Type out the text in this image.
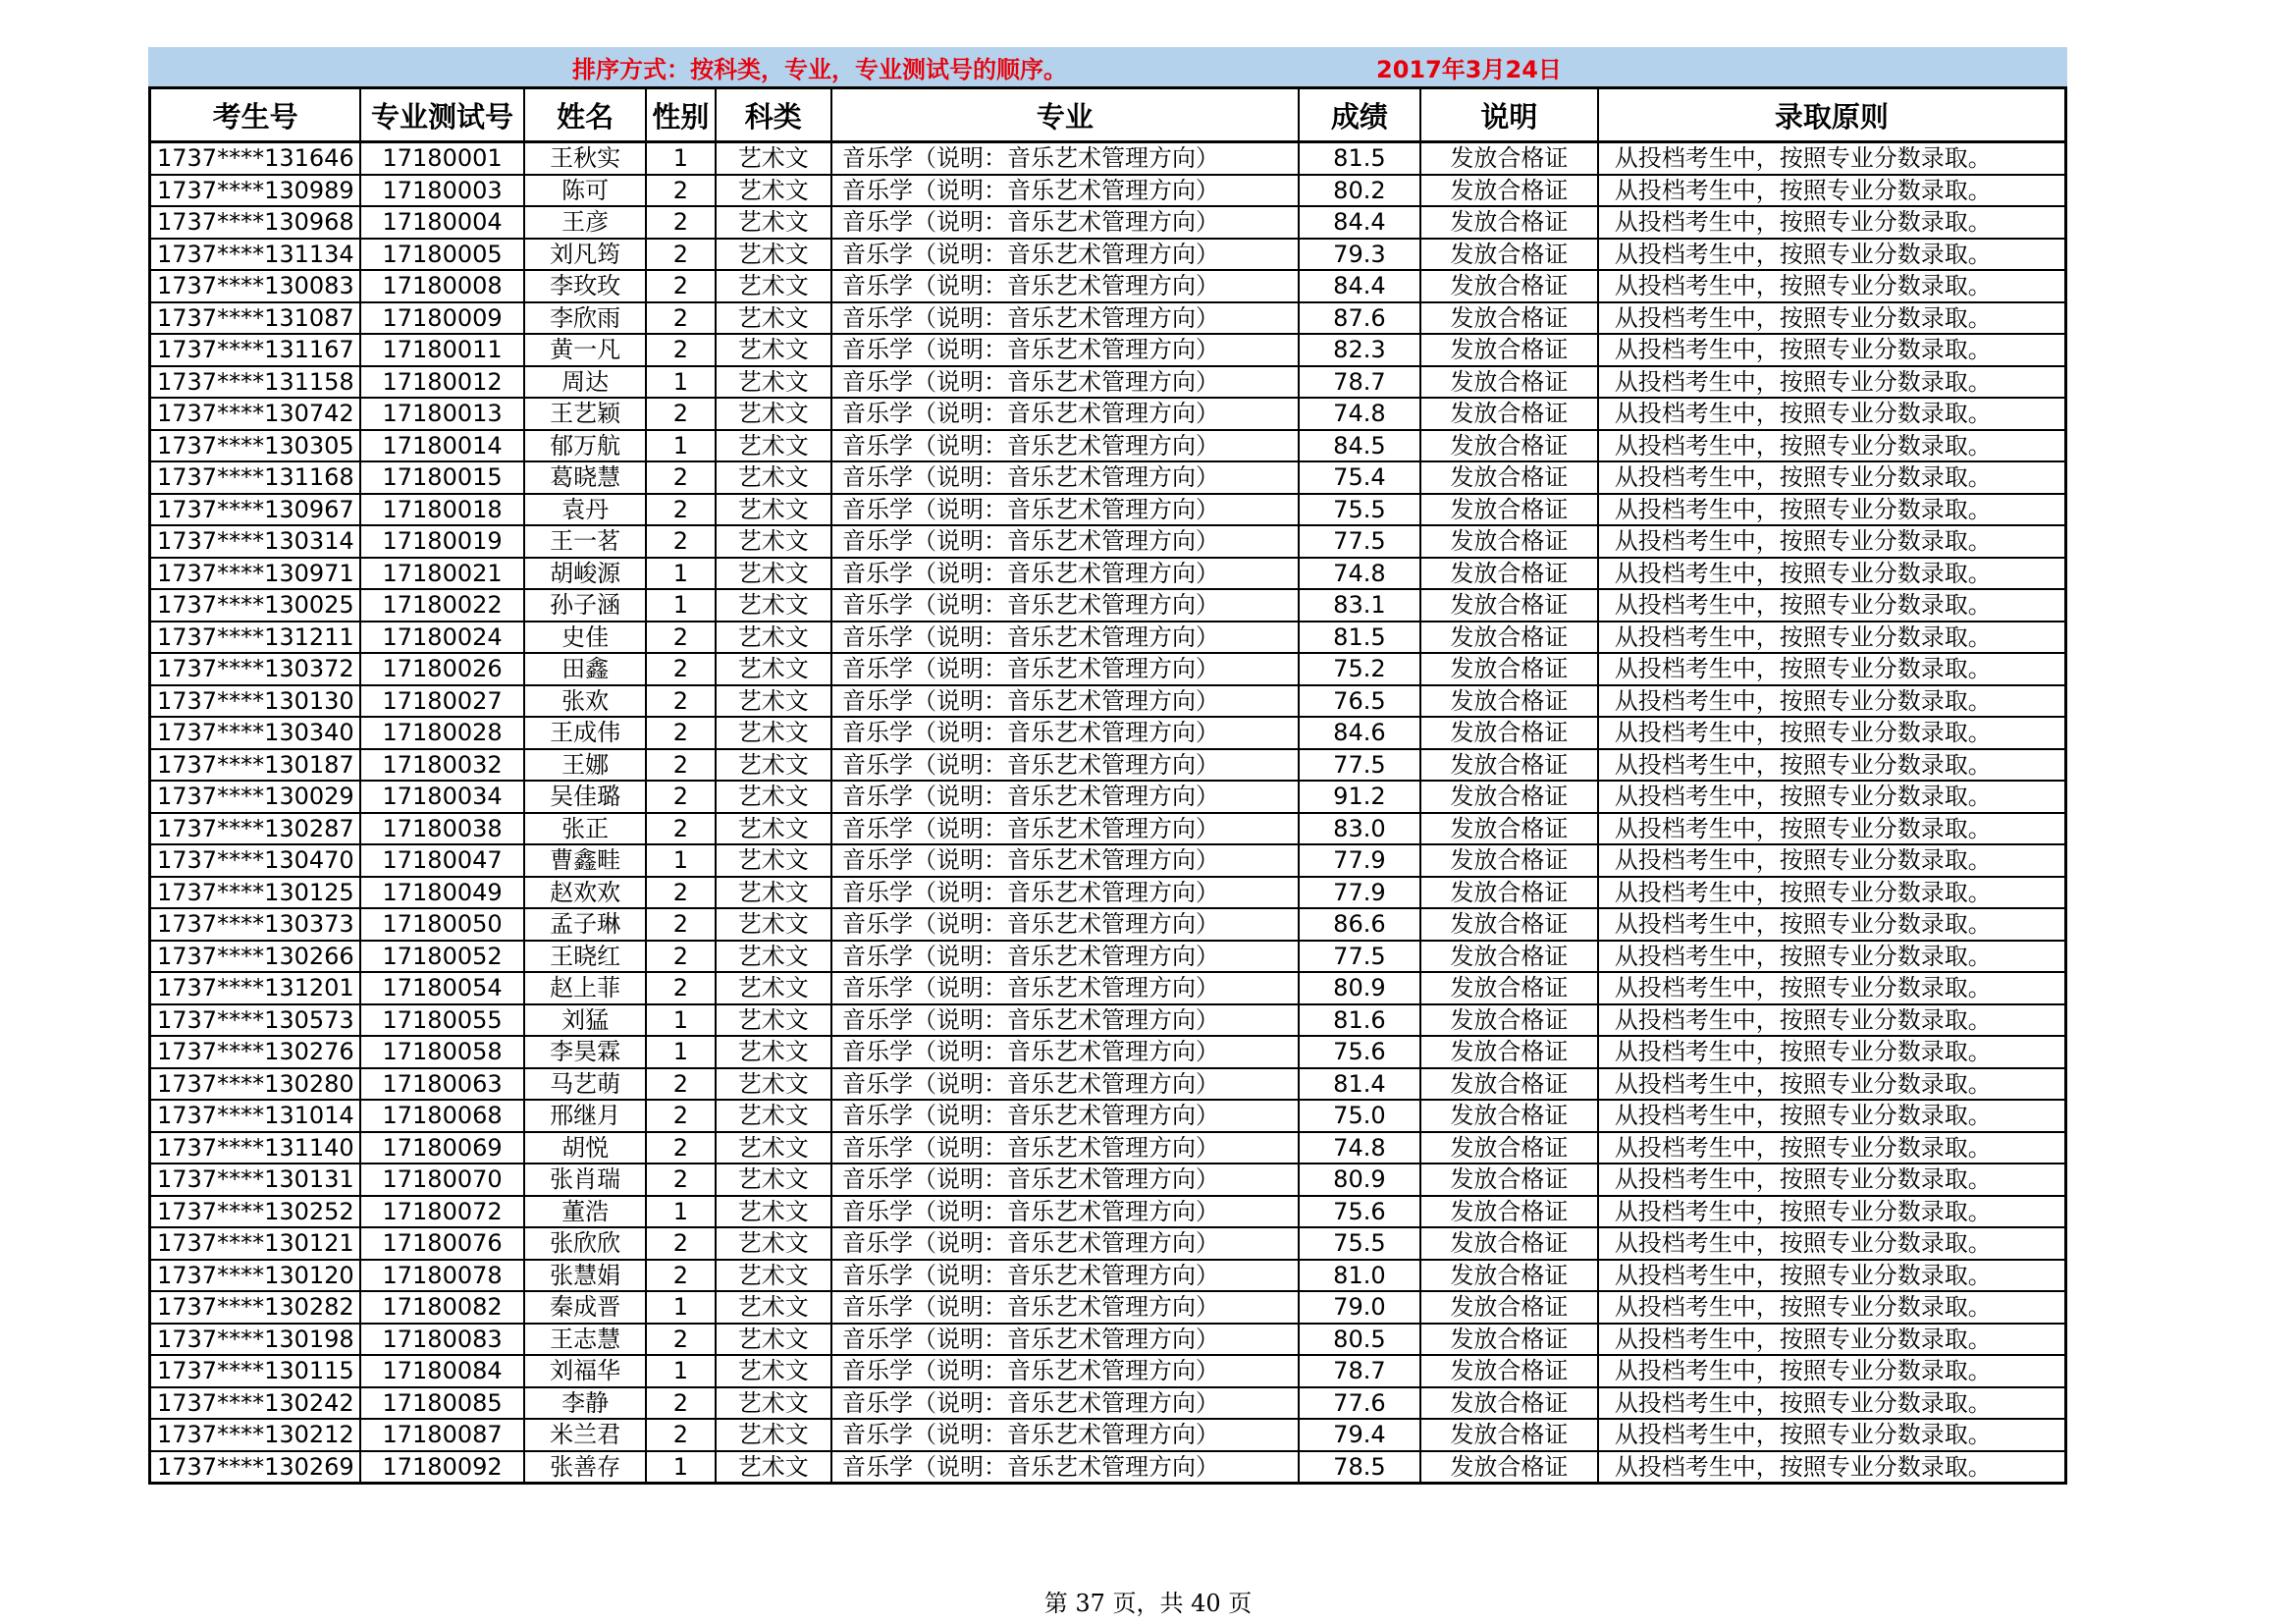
排序方式：按科类，专业，专业测试号的顺序。	2017年3月24日
考生号	专业测试号	姓名	性别	科类	专业	成绩	说明	录取原则
1737****131646	17180001	王秋实	1	艺术文	音乐学（说明：音乐艺术管理方向）	81.5	发放合格证	从投档考生中，按照专业分数录取。
1737****130989	17180003	陈可	2	艺术文	音乐学（说明：音乐艺术管理方向）	80.2	发放合格证	从投档考生中，按照专业分数录取。
1737****130968	17180004	王彦	2	艺术文	音乐学（说明：音乐艺术管理方向）	84.4	发放合格证	从投档考生中，按照专业分数录取。
1737****131134	17180005	刘凡筠	2	艺术文	音乐学（说明：音乐艺术管理方向）	79.3	发放合格证	从投档考生中，按照专业分数录取。
1737****130083	17180008	李玫玫	2	艺术文	音乐学（说明：音乐艺术管理方向）	84.4	发放合格证	从投档考生中，按照专业分数录取。
1737****131087	17180009	李欣雨	2	艺术文	音乐学（说明：音乐艺术管理方向）	87.6	发放合格证	从投档考生中，按照专业分数录取。
1737****131167	17180011	黄一凡	2	艺术文	音乐学（说明：音乐艺术管理方向）	82.3	发放合格证	从投档考生中，按照专业分数录取。
1737****131158	17180012	周达	1	艺术文	音乐学（说明：音乐艺术管理方向）	78.7	发放合格证	从投档考生中，按照专业分数录取。
1737****130742	17180013	王艺颖	2	艺术文	音乐学（说明：音乐艺术管理方向）	74.8	发放合格证	从投档考生中，按照专业分数录取。
1737****130305	17180014	郁万航	1	艺术文	音乐学（说明：音乐艺术管理方向）	84.5	发放合格证	从投档考生中，按照专业分数录取。
1737****131168	17180015	葛晓慧	2	艺术文	音乐学（说明：音乐艺术管理方向）	75.4	发放合格证	从投档考生中，按照专业分数录取。
1737****130967	17180018	袁丹	2	艺术文	音乐学（说明：音乐艺术管理方向）	75.5	发放合格证	从投档考生中，按照专业分数录取。
1737****130314	17180019	王一茗	2	艺术文	音乐学（说明：音乐艺术管理方向）	77.5	发放合格证	从投档考生中，按照专业分数录取。
1737****130971	17180021	胡峻源	1	艺术文	音乐学（说明：音乐艺术管理方向）	74.8	发放合格证	从投档考生中，按照专业分数录取。
1737****130025	17180022	孙子涵	1	艺术文	音乐学（说明：音乐艺术管理方向）	83.1	发放合格证	从投档考生中，按照专业分数录取。
1737****131211	17180024	史佳	2	艺术文	音乐学（说明：音乐艺术管理方向）	81.5	发放合格证	从投档考生中，按照专业分数录取。
1737****130372	17180026	田鑫	2	艺术文	音乐学（说明：音乐艺术管理方向）	75.2	发放合格证	从投档考生中，按照专业分数录取。
1737****130130	17180027	张欢	2	艺术文	音乐学（说明：音乐艺术管理方向）	76.5	发放合格证	从投档考生中，按照专业分数录取。
1737****130340	17180028	王成伟	2	艺术文	音乐学（说明：音乐艺术管理方向）	84.6	发放合格证	从投档考生中，按照专业分数录取。
1737****130187	17180032	王娜	2	艺术文	音乐学（说明：音乐艺术管理方向）	77.5	发放合格证	从投档考生中，按照专业分数录取。
1737****130029	17180034	吴佳璐	2	艺术文	音乐学（说明：音乐艺术管理方向）	91.2	发放合格证	从投档考生中，按照专业分数录取。
1737****130287	17180038	张正	2	艺术文	音乐学（说明：音乐艺术管理方向）	83.0	发放合格证	从投档考生中，按照专业分数录取。
1737****130470	17180047	曹鑫畦	1	艺术文	音乐学（说明：音乐艺术管理方向）	77.9	发放合格证	从投档考生中，按照专业分数录取。
1737****130125	17180049	赵欢欢	2	艺术文	音乐学（说明：音乐艺术管理方向）	77.9	发放合格证	从投档考生中，按照专业分数录取。
1737****130373	17180050	孟子琳	2	艺术文	音乐学（说明：音乐艺术管理方向）	86.6	发放合格证	从投档考生中，按照专业分数录取。
1737****130266	17180052	王晓红	2	艺术文	音乐学（说明：音乐艺术管理方向）	77.5	发放合格证	从投档考生中，按照专业分数录取。
1737****131201	17180054	赵上菲	2	艺术文	音乐学（说明：音乐艺术管理方向）	80.9	发放合格证	从投档考生中，按照专业分数录取。
1737****130573	17180055	刘猛	1	艺术文	音乐学（说明：音乐艺术管理方向）	81.6	发放合格证	从投档考生中，按照专业分数录取。
1737****130276	17180058	李昊霖	1	艺术文	音乐学（说明：音乐艺术管理方向）	75.6	发放合格证	从投档考生中，按照专业分数录取。
1737****130280	17180063	马艺萌	2	艺术文	音乐学（说明：音乐艺术管理方向）	81.4	发放合格证	从投档考生中，按照专业分数录取。
1737****131014	17180068	邢继月	2	艺术文	音乐学（说明：音乐艺术管理方向）	75.0	发放合格证	从投档考生中，按照专业分数录取。
1737****131140	17180069	胡悦	2	艺术文	音乐学（说明：音乐艺术管理方向）	74.8	发放合格证	从投档考生中，按照专业分数录取。
1737****130131	17180070	张肖瑞	2	艺术文	音乐学（说明：音乐艺术管理方向）	80.9	发放合格证	从投档考生中，按照专业分数录取。
1737****130252	17180072	董浩	1	艺术文	音乐学（说明：音乐艺术管理方向）	75.6	发放合格证	从投档考生中，按照专业分数录取。
1737****130121	17180076	张欣欣	2	艺术文	音乐学（说明：音乐艺术管理方向）	75.5	发放合格证	从投档考生中，按照专业分数录取。
1737****130120	17180078	张慧娟	2	艺术文	音乐学（说明：音乐艺术管理方向）	81.0	发放合格证	从投档考生中，按照专业分数录取。
1737****130282	17180082	秦成晋	1	艺术文	音乐学（说明：音乐艺术管理方向）	79.0	发放合格证	从投档考生中，按照专业分数录取。
1737****130198	17180083	王志慧	2	艺术文	音乐学（说明：音乐艺术管理方向）	80.5	发放合格证	从投档考生中，按照专业分数录取。
1737****130115	17180084	刘福华	1	艺术文	音乐学（说明：音乐艺术管理方向）	78.7	发放合格证	从投档考生中，按照专业分数录取。
1737****130242	17180085	李静	2	艺术文	音乐学（说明：音乐艺术管理方向）	77.6	发放合格证	从投档考生中，按照专业分数录取。
1737****130212	17180087	米兰君	2	艺术文	音乐学（说明：音乐艺术管理方向）	79.4	发放合格证	从投档考生中，按照专业分数录取。
1737****130269	17180092	张善存	1	艺术文	音乐学（说明：音乐艺术管理方向）	78.5	发放合格证	从投档考生中，按照专业分数录取。
第 37 页，共 40 页
